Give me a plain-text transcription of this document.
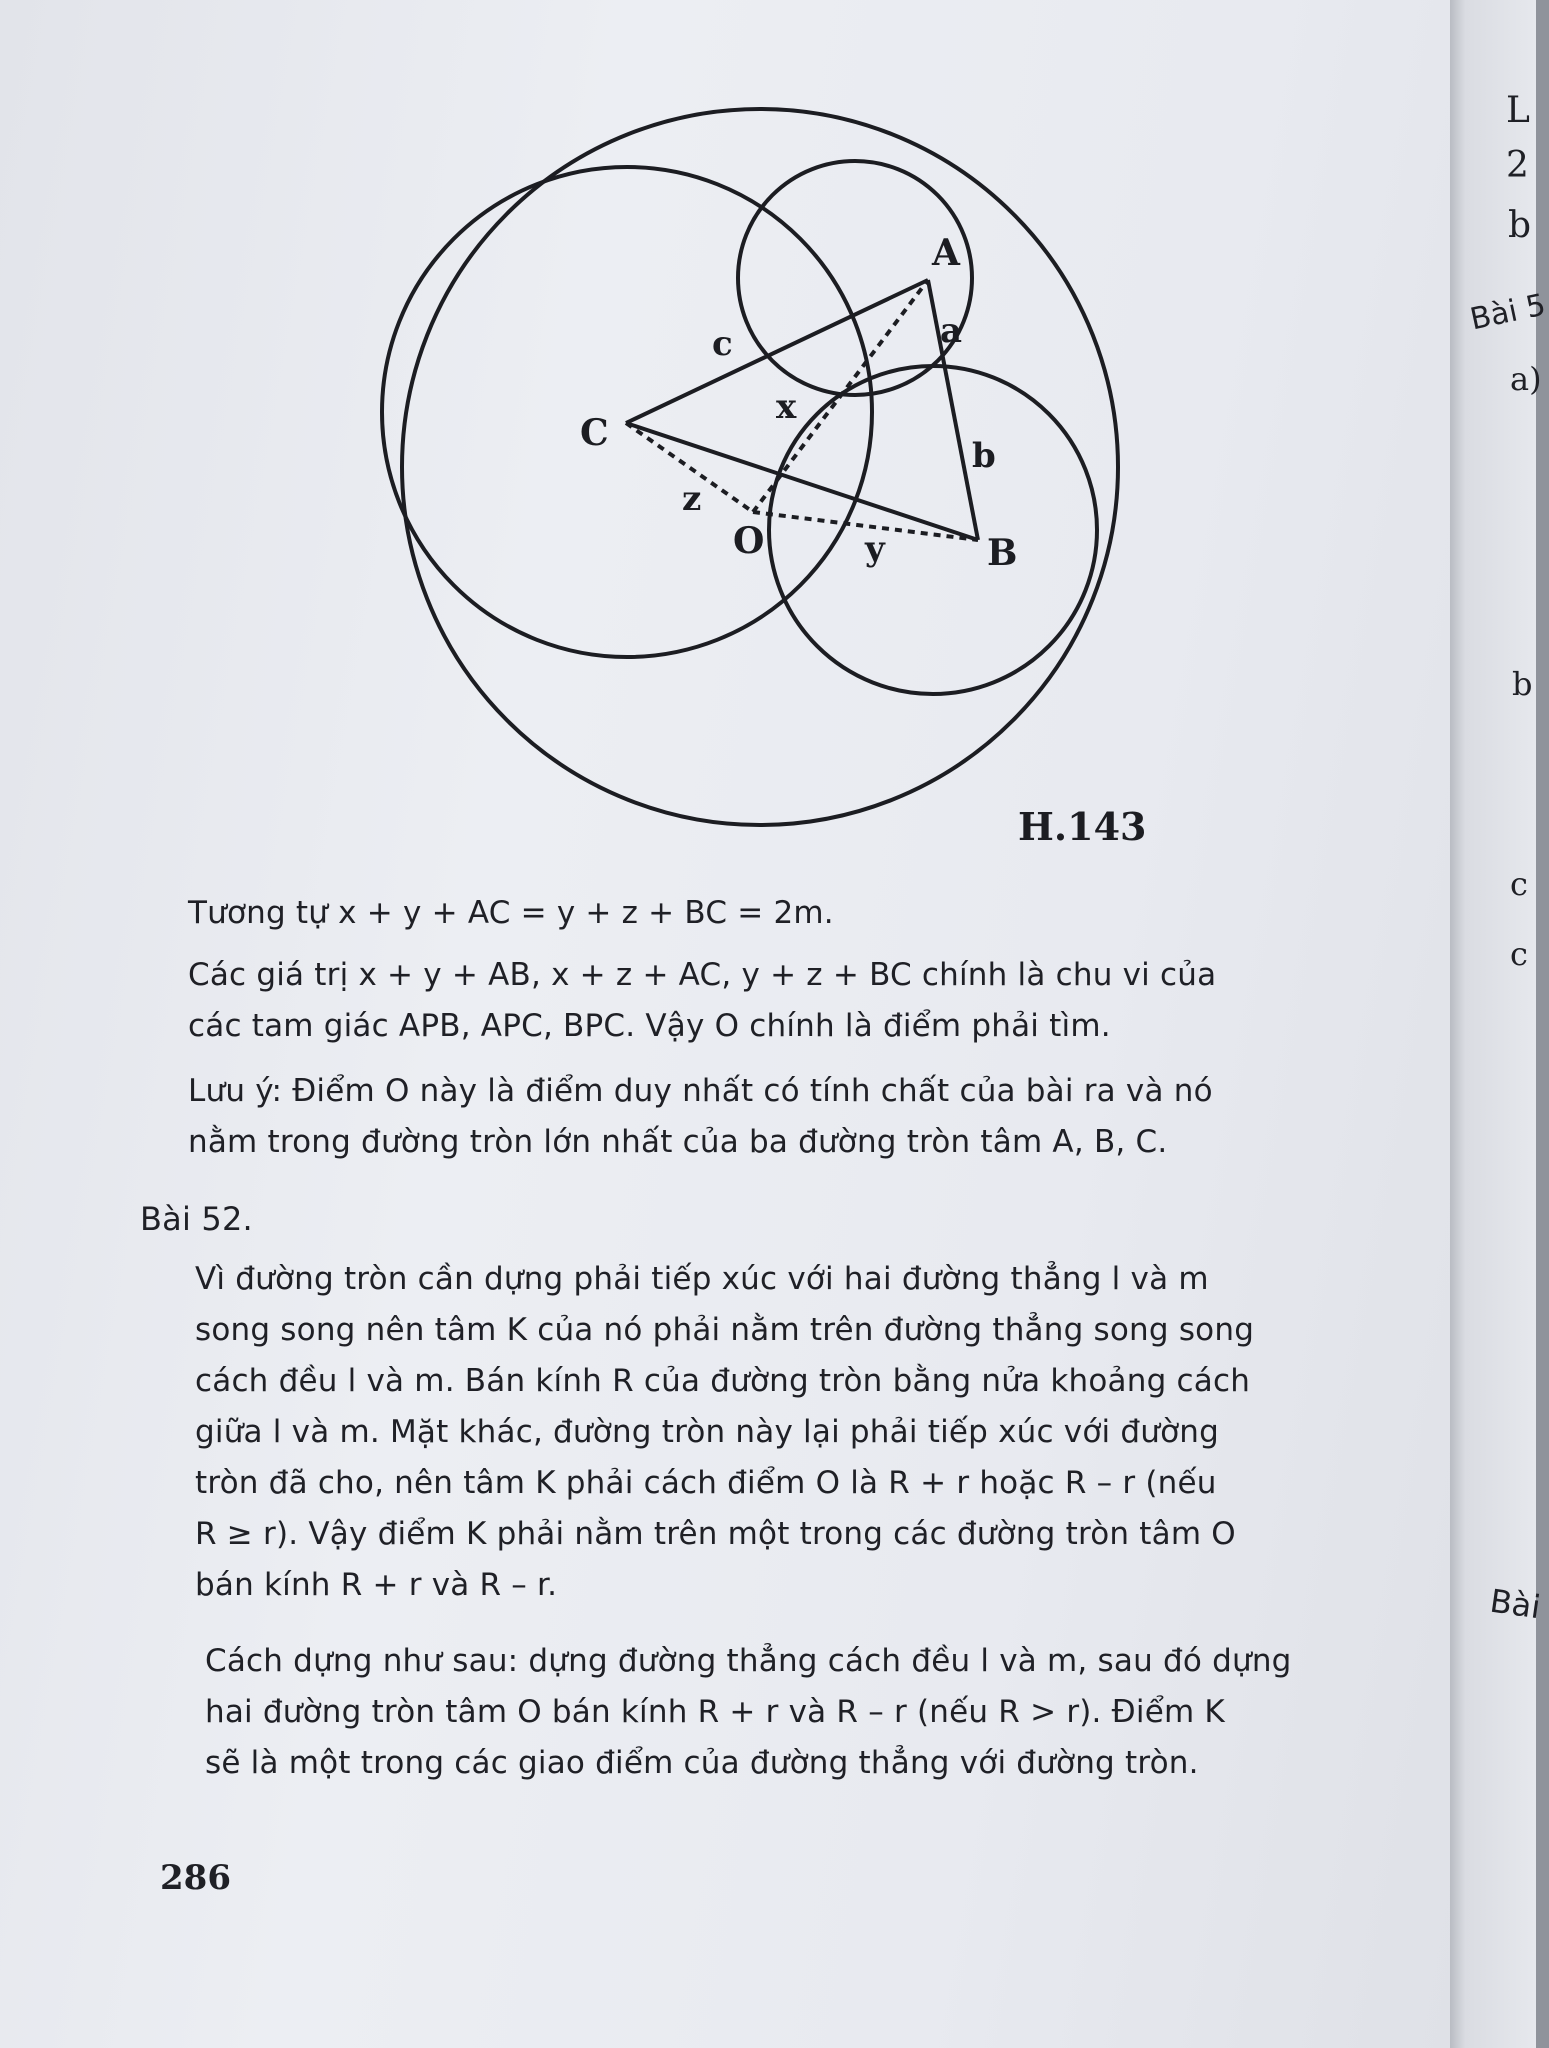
A
C
B
O
a
b
c
x
y
z
H.143

Tương tự x + y + AC = y + z + BC = 2m.

Các giá trị x + y + AB, x + z + AC, y + z + BC chính là chu vi của
các tam giác APB, APC, BPC. Vậy O chính là điểm phải tìm.

Lưu ý: Điểm O này là điểm duy nhất có tính chất của bài ra và nó
nằm trong đường tròn lớn nhất của ba đường tròn tâm A, B, C.

Bài 52.

Vì đường tròn cần dựng phải tiếp xúc với hai đường thẳng l và m
song song nên tâm K của nó phải nằm trên đường thẳng song song
cách đều l và m. Bán kính R của đường tròn bằng nửa khoảng cách
giữa l và m. Mặt khác, đường tròn này lại phải tiếp xúc với đường
tròn đã cho, nên tâm K phải cách điểm O là R + r hoặc R – r (nếu
R ≥ r). Vậy điểm K phải nằm trên một trong các đường tròn tâm O
bán kính R + r và R – r.

Cách dựng như sau: dựng đường thẳng cách đều l và m, sau đó dựng
hai đường tròn tâm O bán kính R + r và R – r (nếu R > r). Điểm K
sẽ là một trong các giao điểm của đường thẳng với đường tròn.

286

L

2

b

Bài 5

a)

b

c

c

Bài
